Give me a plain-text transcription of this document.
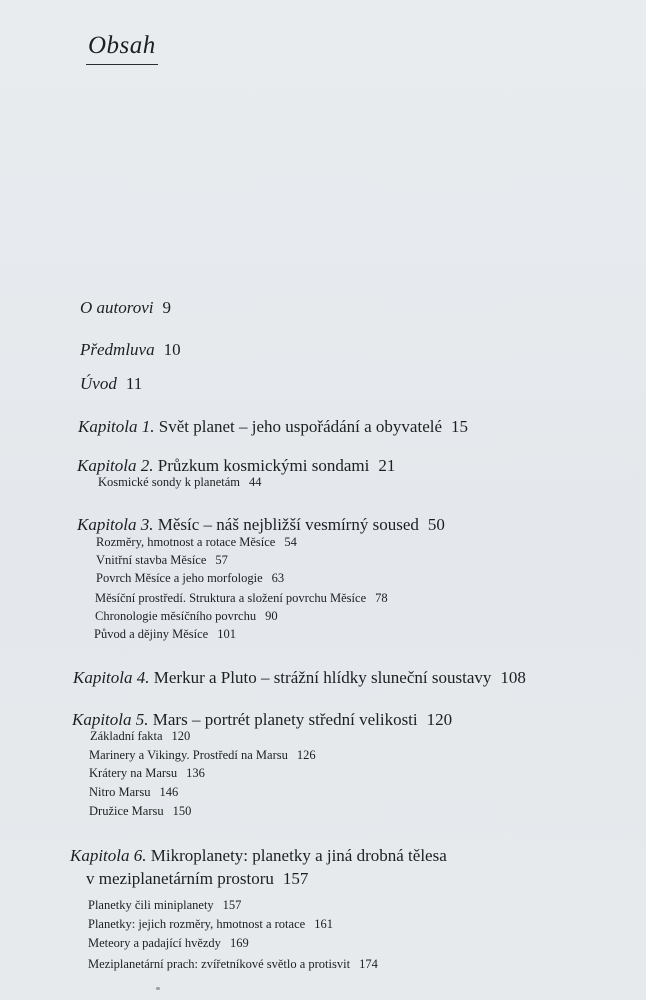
Obsah
O autorovi 9
Předmluva 10
Úvod 11
Kapitola 1. Svět planet – jeho uspořádání a obyvatelé 15
Kapitola 2. Průzkum kosmickými sondami 21
Kosmické sondy k planetám 44
Kapitola 3. Měsíc – náš nejbližší vesmírný soused 50
Rozměry, hmotnost a rotace Měsíce 54
Vnitřní stavba Měsíce 57
Povrch Měsíce a jeho morfologie 63
Měsíční prostředí. Struktura a složení povrchu Měsíce 78
Chronologie měsíčního povrchu 90
Původ a dějiny Měsíce 101
Kapitola 4. Merkur a Pluto – strážní hlídky sluneční soustavy 108
Kapitola 5. Mars – portrét planety střední velikosti 120
Základní fakta 120
Marinery a Vikingy. Prostředí na Marsu 126
Krátery na Marsu 136
Nitro Marsu 146
Družice Marsu 150
Kapitola 6. Mikroplanety: planetky a jiná drobná tělesa
v meziplanetárním prostoru 157
Planetky čili miniplanety 157
Planetky: jejich rozměry, hmotnost a rotace 161
Meteory a padající hvězdy 169
Meziplanetární prach: zvířetníkové světlo a protisvit 174
